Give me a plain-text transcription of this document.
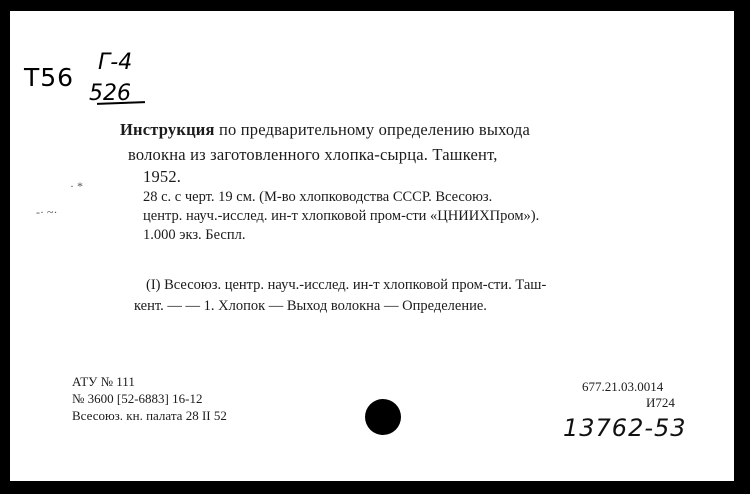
Т56
Г-4
526
Инструкция по предварительному определению выхода
волокна из заготовленного хлопка-сырца. Ташкент,
1952.
28 с. с черт. 19 см. (М-во хлопководства СССР. Всесоюз.
центр. науч.-исслед. ин-т хлопковой пром-сти «ЦНИИХПром»).
1.000 экз. Беспл.
· *
-· ~·
(I) Всесоюз. центр. науч.-исслед. ин-т хлопковой пром-сти. Таш-
кент. — — 1. Хлопок — Выход волокна — Определение.
АТУ № 111
№ 3600 [52-6883] 16-12
Всесоюз. кн. палата 28 II 52
677.21.03.0014
И724
13762-53
